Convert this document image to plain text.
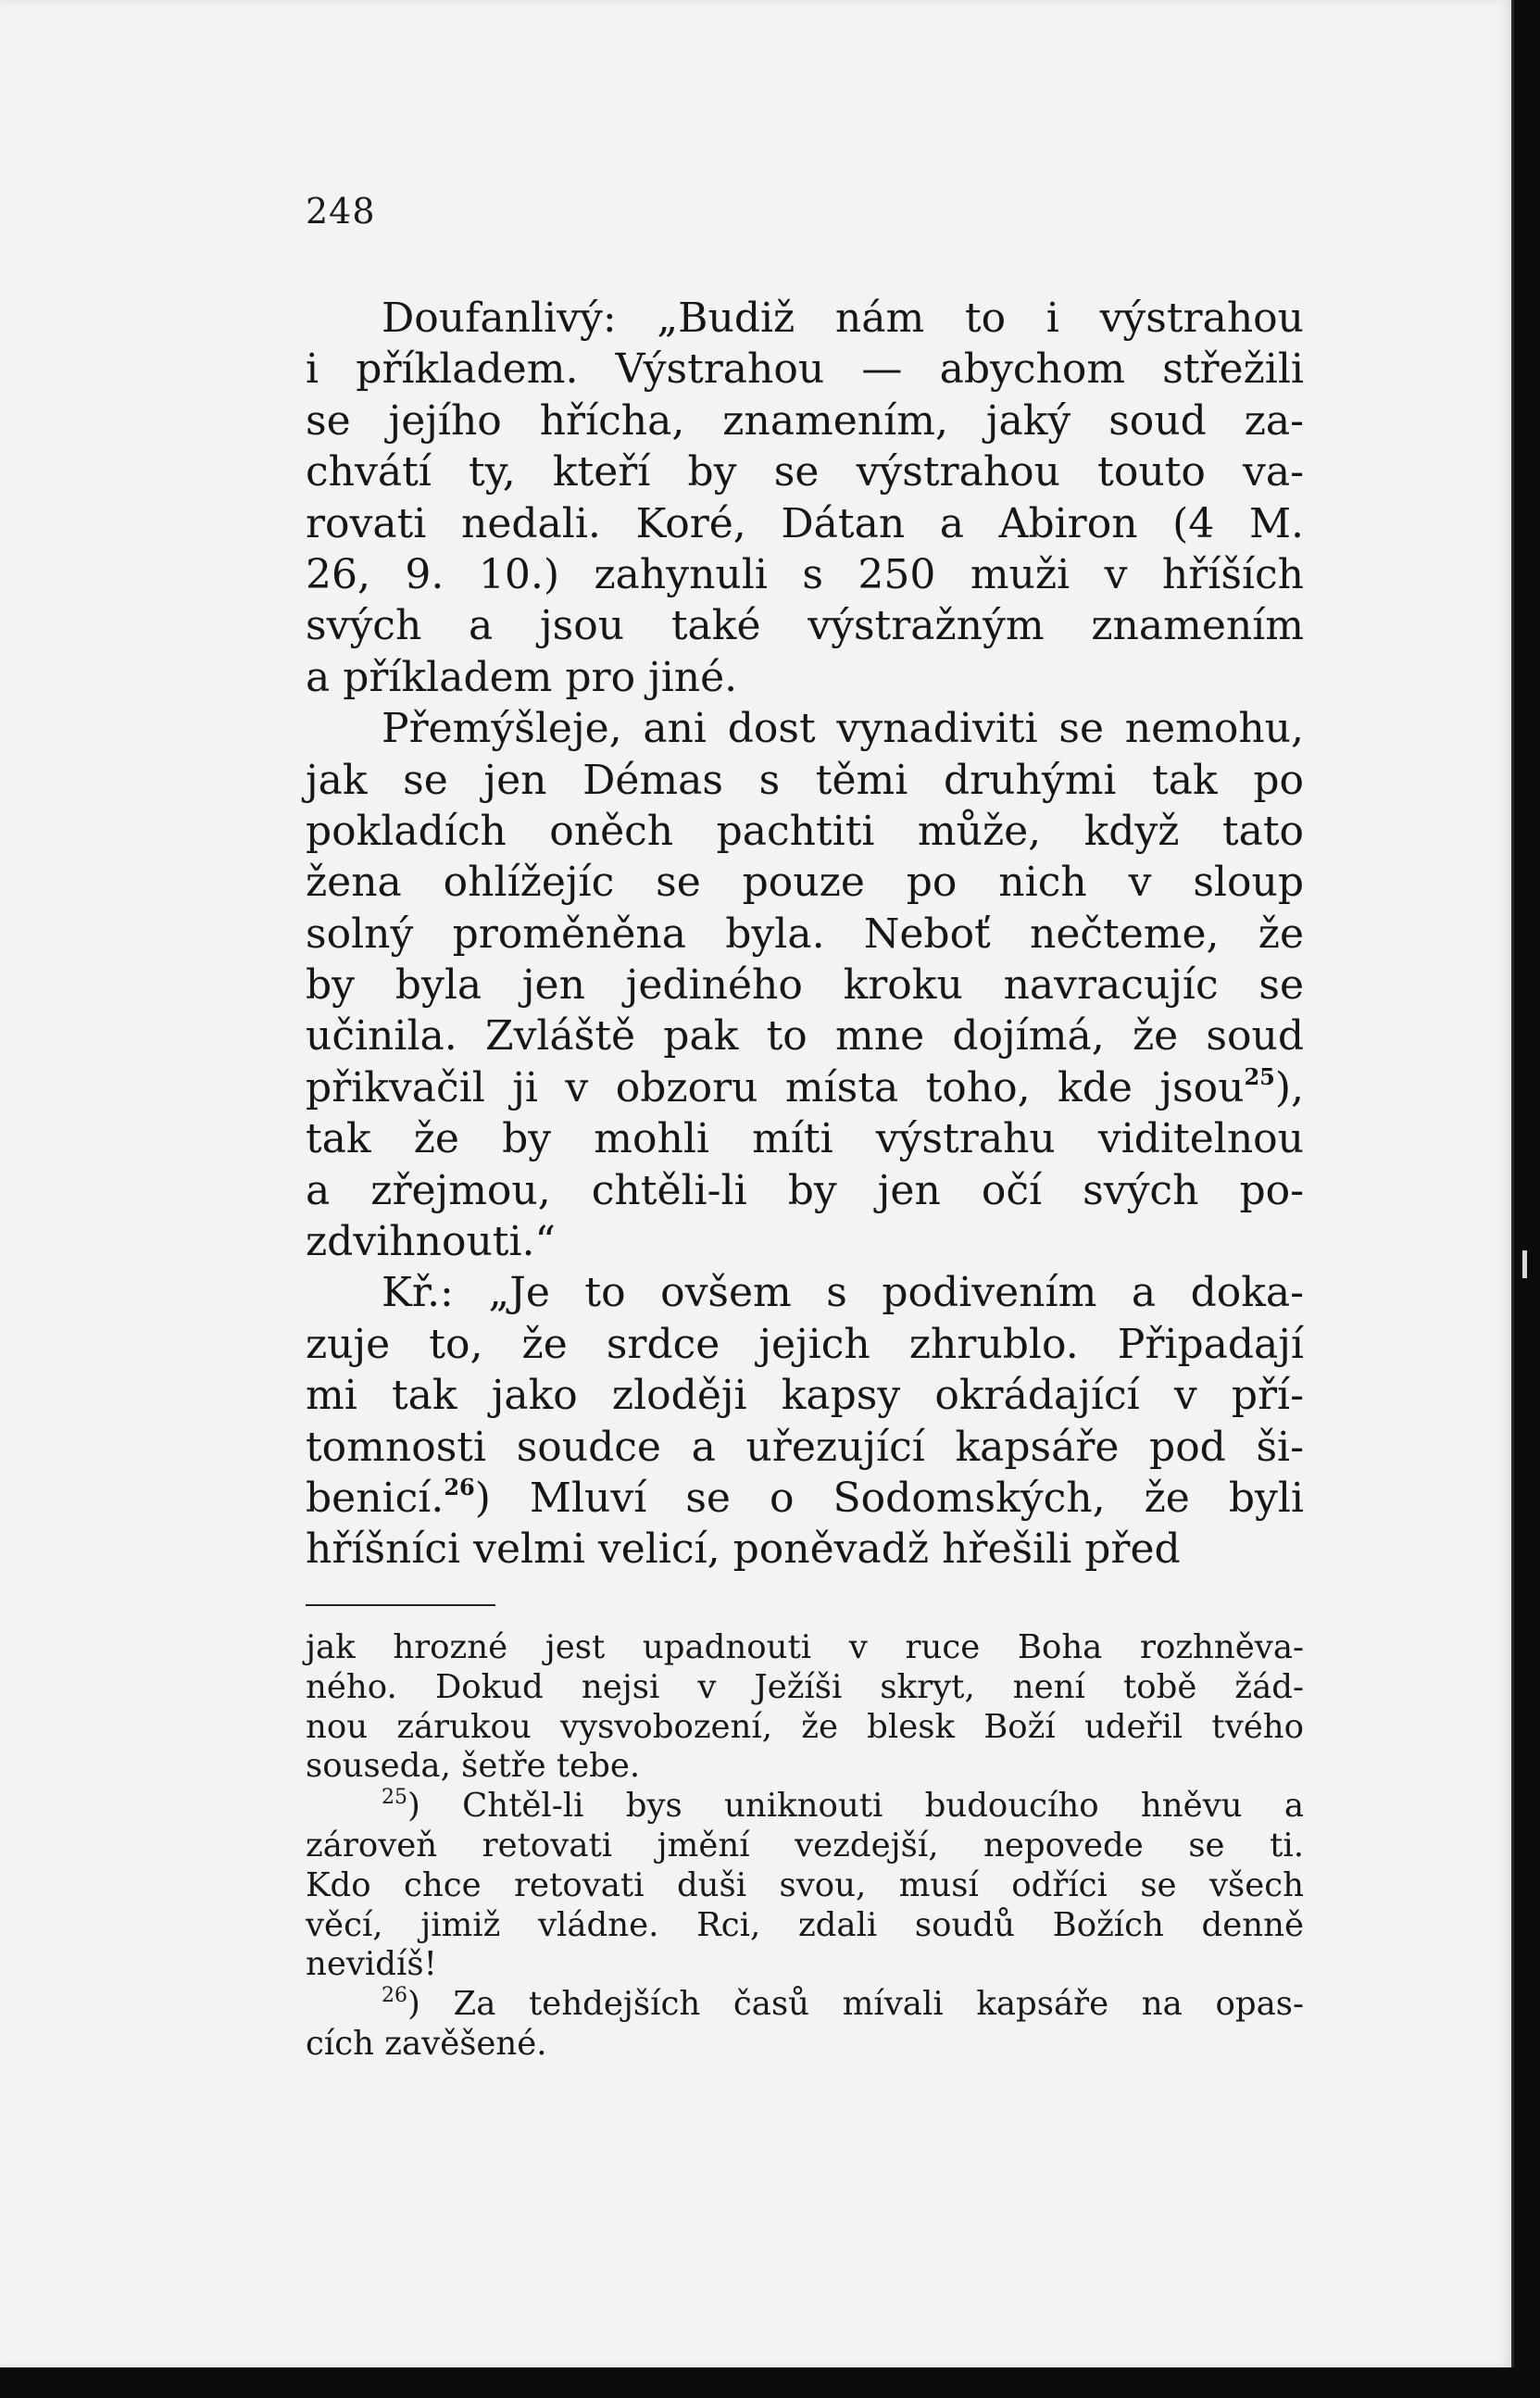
248
Doufanlivý: „Budiž nám to i výstrahou
i příkladem. Výstrahou — abychom střežili
se jejího hřícha, znamením, jaký soud za-
chvátí ty, kteří by se výstrahou touto va-
rovati nedali. Koré, Dátan a Abiron (4 M.
26, 9. 10.) zahynuli s 250 muži v hříších
svých a jsou také výstražným znamením
a příkladem pro jiné.
Přemýšleje, ani dost vynadiviti se nemohu,
jak se jen Démas s těmi druhými tak po
pokladích oněch pachtiti může, když tato
žena ohlížejíc se pouze po nich v sloup
solný proměněna byla. Neboť nečteme, že
by byla jen jediného kroku navracujíc se
učinila. Zvláště pak to mne dojímá, že soud
přikvačil ji v obzoru místa toho, kde jsou$^{25}$),
tak že by mohli míti výstrahu viditelnou
a zřejmou, chtěli-li by jen očí svých po-
zdvihnouti.“
Kř.: „Je to ovšem s podivením a doka-
zuje to, že srdce jejich zhrublo. Připadají
mi tak jako zloději kapsy okrádající v pří-
tomnosti soudce a uřezující kapsáře pod ši-
benicí.$^{26}$) Mluví se o Sodomských, že byli
hříšníci velmi velicí, poněvadž hřešili před
jak hrozné jest upadnouti v ruce Boha rozhněva-
ného. Dokud nejsi v Ježíši skryt, není tobě žád-
nou zárukou vysvobození, že blesk Boží udeřil tvého
souseda, šetře tebe.
$^{25}$) Chtěl-li bys uniknouti budoucího hněvu a
zároveň retovati jmění vezdejší, nepovede se ti.
Kdo chce retovati duši svou, musí odříci se všech
věcí, jimiž vládne. Rci, zdali soudů Božích denně
nevidíš!
$^{26}$) Za tehdejších časů mívali kapsáře na opas-
cích zavěšené.
